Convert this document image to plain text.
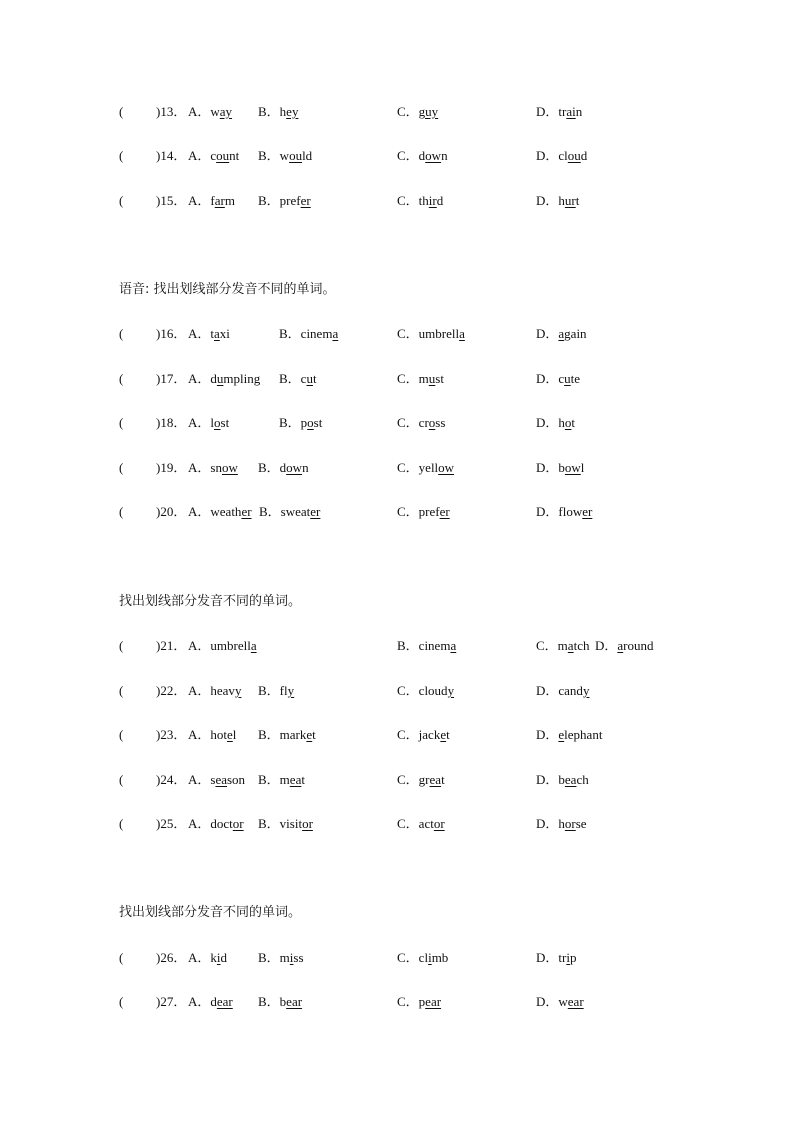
(	)13． A．way B．hey	C．guy	D．train
(	)14． A．count B．would	C．down	D．cloud
(	)15． A．farm B．prefer	C．third	D．hurt
语音: 找出划线部分发音不同的单词。
(	)16． A．taxi	B．cinema	C．umbrella	D．again
(	)17． A．dumpling B．cut	C．must	D．cute
(	)18． A．lost	B．post	C．cross	D．hot
(	)19． A．snow B．down	C．yellow	D．bowl
(	)20． A．weather B．sweater	C．prefer	D．flower
找出划线部分发音不同的单词。
(	)21． A．umbrella	B．cinema	C．match D．around
(	)22． A．heavy B．fly	C．cloudy	D．candy
(	)23． A．hotel B．market	C．jacket	D．elephant
(	)24． A．season B．meat	C．great	D．beach
(	)25． A．doctor B．visitor	C．actor	D．horse
找出划线部分发音不同的单词。
(	)26． A．kid B．miss	C．climb	D．trip
(	)27． A．dear B．bear	C．pear	D．wear
